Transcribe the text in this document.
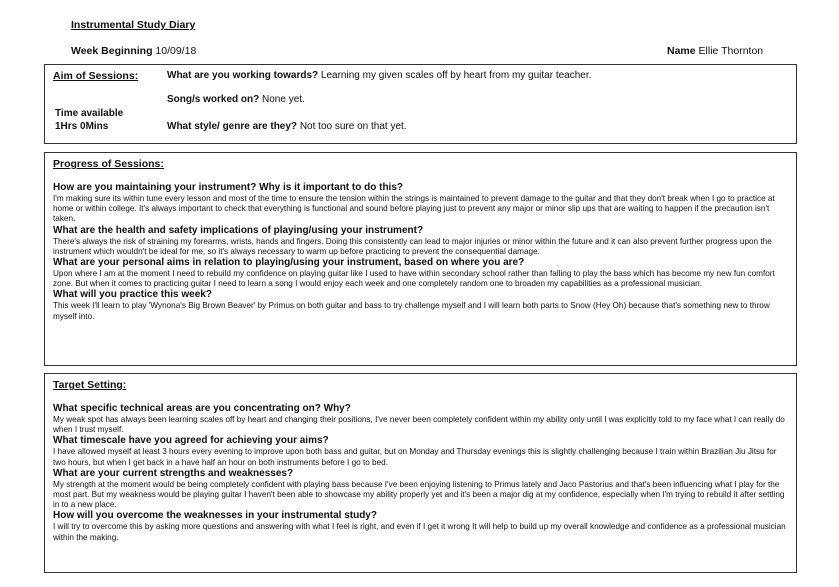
Instrumental Study Diary
Week Beginning 10/09/18	Name Ellie Thornton
Aim of Sessions:
Time available
1Hrs 0Mins
What are you working towards? Learning my given scales off by heart from my guitar teacher.
Song/s worked on? None yet.
What style/ genre are they? Not too sure on that yet.

Progress of Sessions:

How are you maintaining your instrument? Why is it important to do this?

I'm making sure its within tune every lesson and most of the time to ensure the tension within the strings is maintained to prevent damage to the guitar and that they don't break when I go to practice at home or within college. It's always important to check that everything is functional and sound before playing just to prevent any major or minor slip ups that are waiting to happen if the precaution isn't taken.

What are the health and safety implications of playing/using your instrument?

There's always the risk of straining my forearms, wrists, hands and fingers. Doing this consistently can lead to major injuries or minor within the future and it can also prevent further progress upon the instrument which wouldn't be ideal for me, so it's always necessary to warm up before practicing to prevent the consequential damage.

What are your personal aims in relation to playing/using your instrument, based on where you are?

Upon where I am at the moment I need to rebuild my confidence on playing guitar like I used to have within secondary school rather than falling to play the bass which has become my new fun comfort zone. But when it comes to practicing guitar I need to learn a song I would enjoy each week and one completely random one to broaden my capabilities as a professional musician.

What will you practice this week?

This week I'll learn to play 'Wynona's Big Brown Beaver' by Primus on both guitar and bass to try challenge myself and I will learn both parts to Snow (Hey Oh) because that's something new to throw myself into.

Target Setting:

What specific technical areas are you concentrating on? Why?

My weak spot has always been learning scales off by heart and changing their positions, I've never been completely confident within my ability only until I was explicitly told to my face what I can really do when I trust myself.

What timescale have you agreed for achieving your aims?

I have allowed myself at least 3 hours every evening to improve upon both bass and guitar, but on Monday and Thursday evenings this is slightly challenging because I train within Brazilian Jiu Jitsu for two hours, but when I get back in a have half an hour on both instruments before I go to bed.

What are your current strengths and weaknesses?

My strength at the moment would be being completely confident with playing bass because I've been enjoying listening to Primus lately and Jaco Pastorius and that's been influencing what I play for the most part. But my weakness would be playing guitar I haven't been able to showcase my ability properly yet and it's been a major dig at my confidence, especially when I'm trying to rebuild it after settling in to a new place.

How will you overcome the weaknesses in your instrumental study?

I will try to overcome this by asking more questions and answering with what I feel is right, and even if I get it wrong It will help to build up my overall knowledge and confidence as a professional musician within the making.
